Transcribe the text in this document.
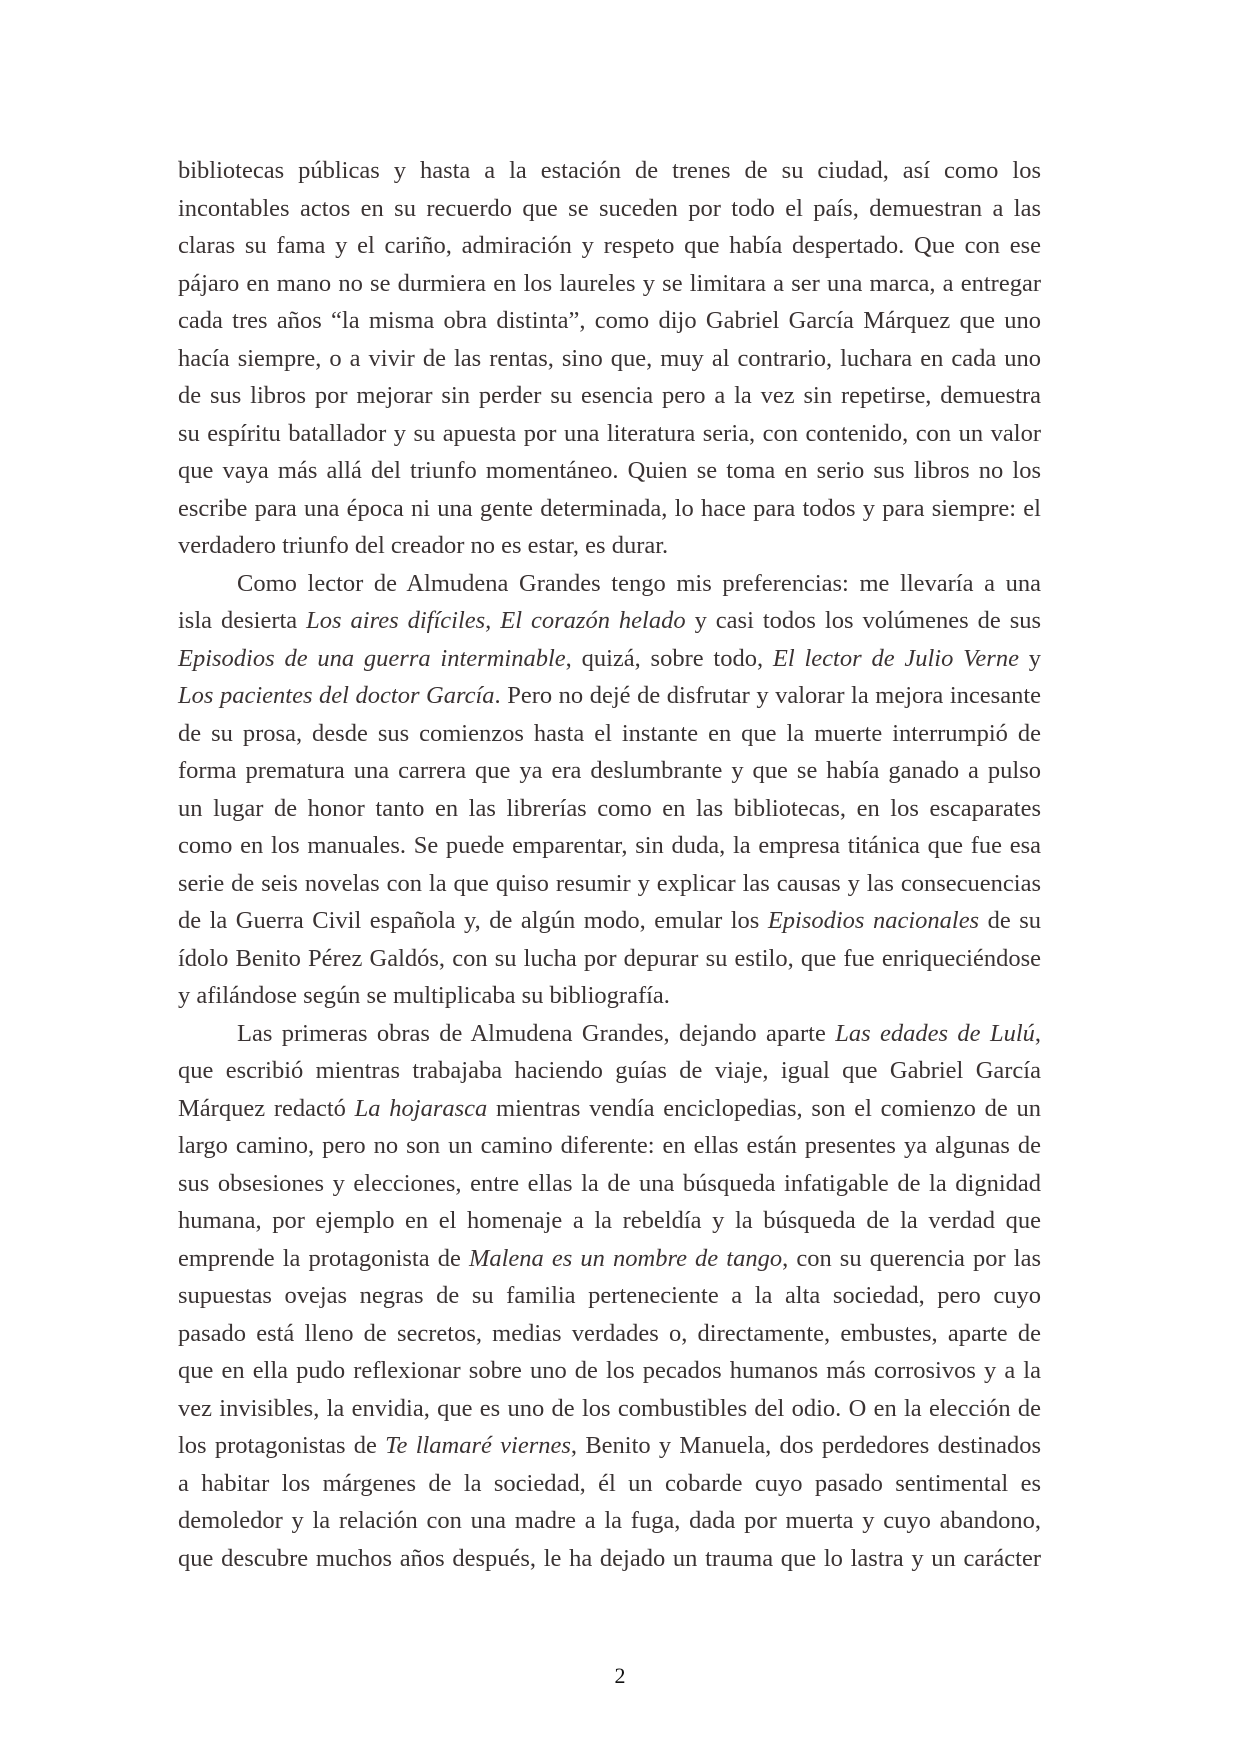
bibliotecas públicas y hasta a la estación de trenes de su ciudad, así como los
incontables actos en su recuerdo que se suceden por todo el país, demuestran a las
claras su fama y el cariño, admiración y respeto que había despertado. Que con ese
pájaro en mano no se durmiera en los laureles y se limitara a ser una marca, a entregar
cada tres años “la misma obra distinta”, como dijo Gabriel García Márquez que uno
hacía siempre, o a vivir de las rentas, sino que, muy al contrario, luchara en cada uno
de sus libros por mejorar sin perder su esencia pero a la vez sin repetirse, demuestra
su espíritu batallador y su apuesta por una literatura seria, con contenido, con un valor
que vaya más allá del triunfo momentáneo. Quien se toma en serio sus libros no los
escribe para una época ni una gente determinada, lo hace para todos y para siempre: el
verdadero triunfo del creador no es estar, es durar.
Como lector de Almudena Grandes tengo mis preferencias: me llevaría a una
isla desierta Los aires difíciles, El corazón helado y casi todos los volúmenes de sus
Episodios de una guerra interminable, quizá, sobre todo, El lector de Julio Verne y
Los pacientes del doctor García. Pero no dejé de disfrutar y valorar la mejora incesante
de su prosa, desde sus comienzos hasta el instante en que la muerte interrumpió de
forma prematura una carrera que ya era deslumbrante y que se había ganado a pulso
un lugar de honor tanto en las librerías como en las bibliotecas, en los escaparates
como en los manuales. Se puede emparentar, sin duda, la empresa titánica que fue esa
serie de seis novelas con la que quiso resumir y explicar las causas y las consecuencias
de la Guerra Civil española y, de algún modo, emular los Episodios nacionales de su
ídolo Benito Pérez Galdós, con su lucha por depurar su estilo, que fue enriqueciéndose
y afilándose según se multiplicaba su bibliografía.
Las primeras obras de Almudena Grandes, dejando aparte Las edades de Lulú,
que escribió mientras trabajaba haciendo guías de viaje, igual que Gabriel García
Márquez redactó La hojarasca mientras vendía enciclopedias, son el comienzo de un
largo camino, pero no son un camino diferente: en ellas están presentes ya algunas de
sus obsesiones y elecciones, entre ellas la de una búsqueda infatigable de la dignidad
humana, por ejemplo en el homenaje a la rebeldía y la búsqueda de la verdad que
emprende la protagonista de Malena es un nombre de tango, con su querencia por las
supuestas ovejas negras de su familia perteneciente a la alta sociedad, pero cuyo
pasado está lleno de secretos, medias verdades o, directamente, embustes, aparte de
que en ella pudo reflexionar sobre uno de los pecados humanos más corrosivos y a la
vez invisibles, la envidia, que es uno de los combustibles del odio. O en la elección de
los protagonistas de Te llamaré viernes, Benito y Manuela, dos perdedores destinados
a habitar los márgenes de la sociedad, él un cobarde cuyo pasado sentimental es
demoledor y la relación con una madre a la fuga, dada por muerta y cuyo abandono,
que descubre muchos años después, le ha dejado un trauma que lo lastra y un carácter
2
